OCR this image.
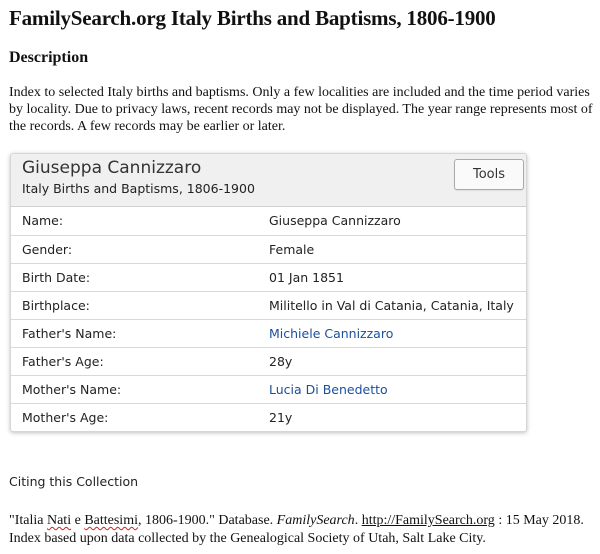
FamilySearch.org Italy Births and Baptisms, 1806-1900
Description

Index to selected Italy births and baptisms. Only a few localities are included and the time period varies by locality. Due to privacy laws, recent records may not be displayed. The year range represents most of the records. A few records may be earlier or later.

Giuseppa Cannizzaro
Italy Births and Baptisms, 1806-1900
Tools
Name:	Giuseppa Cannizzaro
Gender:	Female
Birth Date:	01 Jan 1851
Birthplace:	Militello in Val di Catania, Catania, Italy
Father's Name:	Michiele Cannizzaro
Father's Age:	28y
Mother's Name:	Lucia Di Benedetto
Mother's Age:	21y
Citing this Collection

"Italia Nati e Battesimi, 1806-1900." Database. FamilySearch. http://FamilySearch.org : 15 May 2018. Index based upon data collected by the Genealogical Society of Utah, Salt Lake City.
